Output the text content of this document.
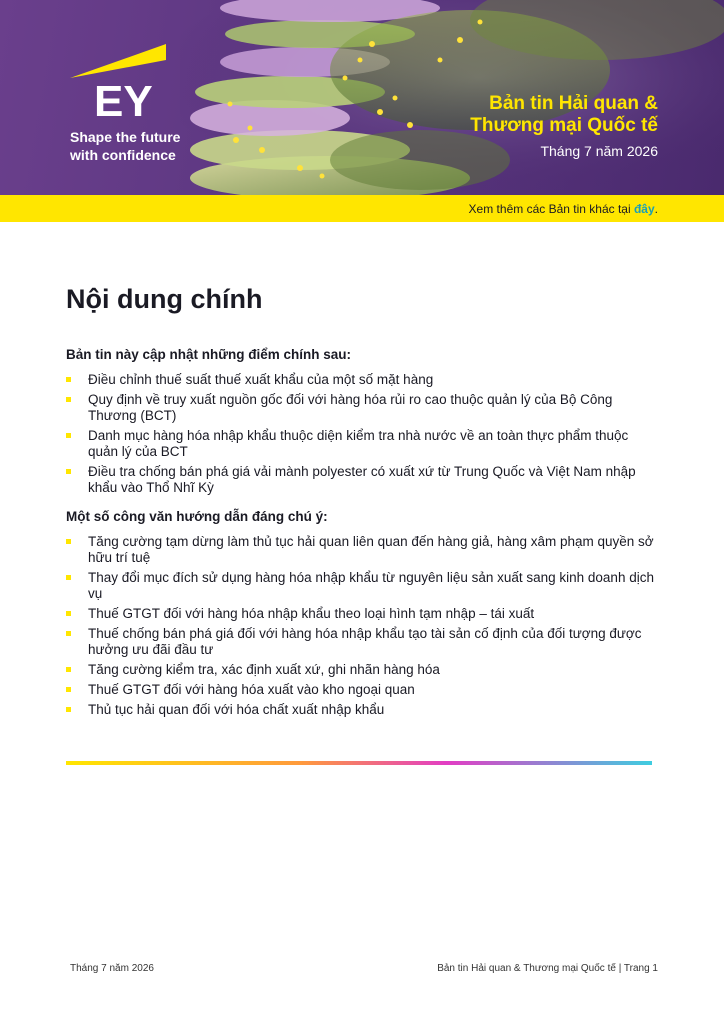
EY
Shape the future
with confidence
Bản tin Hải quan &
Thương mại Quốc tế
Tháng 7 năm 2026
Xem thêm các Bản tin khác tại đây.
Nội dung chính
Bản tin này cập nhật những điểm chính sau:
Điều chỉnh thuế suất thuế xuất khẩu của một số mặt hàng
Quy định về truy xuất nguồn gốc đối với hàng hóa rủi ro cao thuộc quản lý của Bộ Công Thương (BCT)
Danh mục hàng hóa nhập khẩu thuộc diện kiểm tra nhà nước về an toàn thực phẩm thuộc quản lý của BCT
Điều tra chống bán phá giá vải mành polyester có xuất xứ từ Trung Quốc và Việt Nam nhập khẩu vào Thổ Nhĩ Kỳ
Một số công văn hướng dẫn đáng chú ý:
Tăng cường tạm dừng làm thủ tục hải quan liên quan đến hàng giả, hàng xâm phạm quyền sở hữu trí tuệ
Thay đổi mục đích sử dụng hàng hóa nhập khẩu từ nguyên liệu sản xuất sang kinh doanh dịch vụ
Thuế GTGT đối với hàng hóa nhập khẩu theo loại hình tạm nhập – tái xuất
Thuế chống bán phá giá đối với hàng hóa nhập khẩu tạo tài sản cố định của đối tượng được hưởng ưu đãi đầu tư
Tăng cường kiểm tra, xác định xuất xứ, ghi nhãn hàng hóa
Thuế GTGT đối với hàng hóa xuất vào kho ngoại quan
Thủ tục hải quan đối với hóa chất xuất nhập khẩu
Tháng 7 năm 2026	Bản tin Hải quan & Thương mại Quốc tế | Trang 1
